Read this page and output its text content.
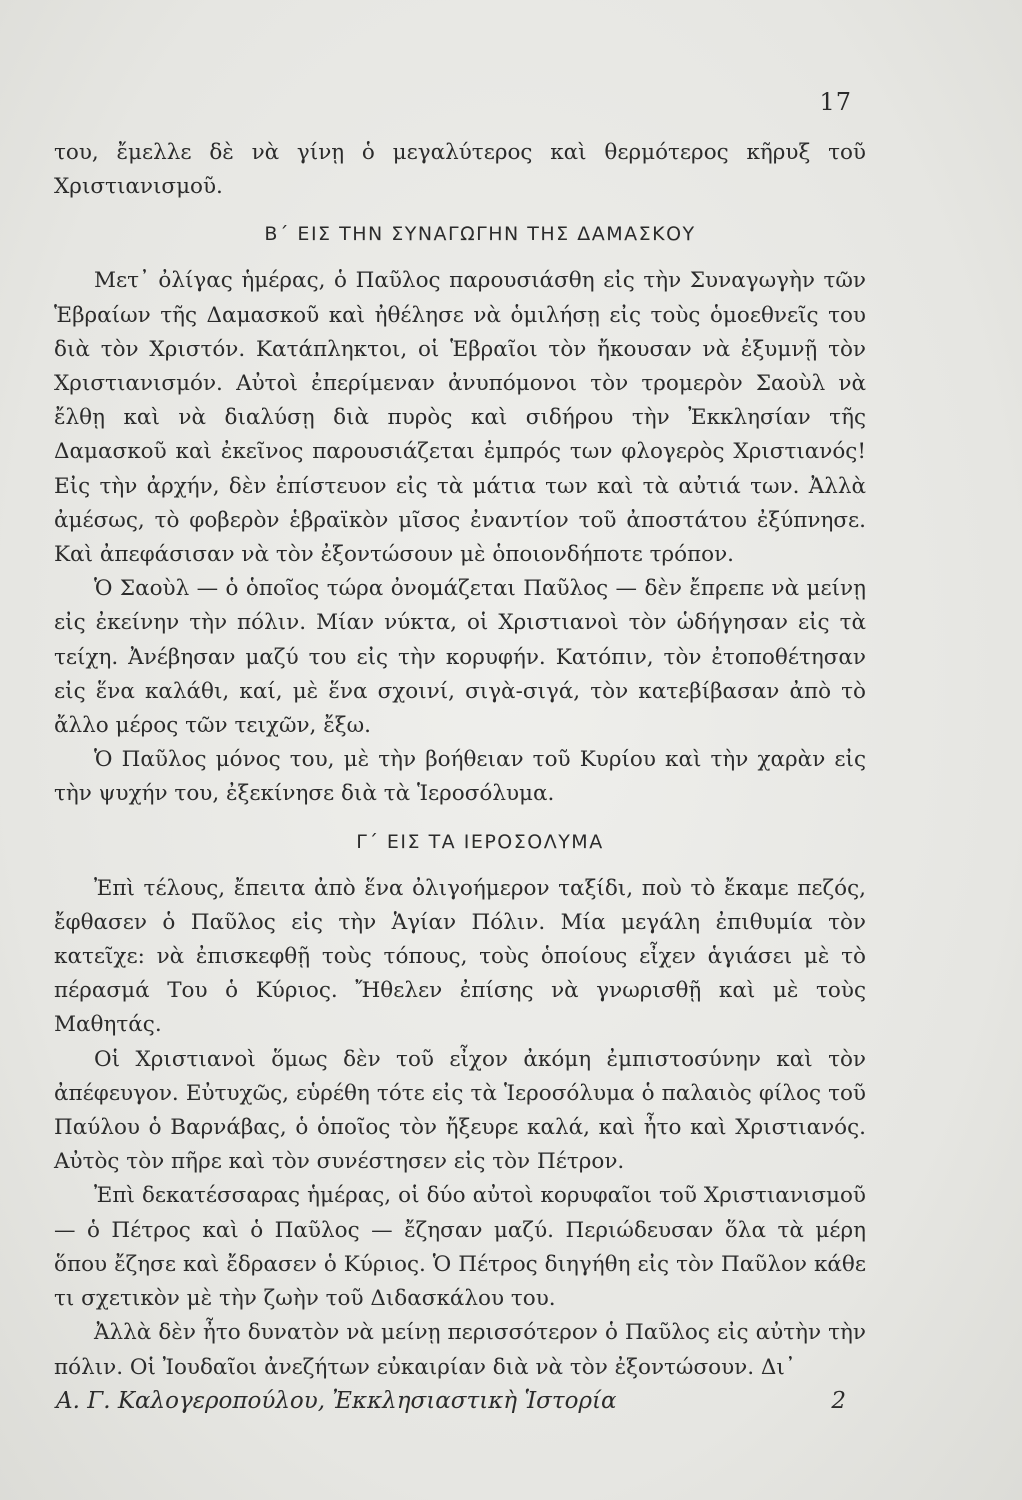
17

του, ἔμελλε δὲ νὰ γίνῃ ὁ μεγαλύτερος καὶ θερμότερος κῆρυξ τοῦ Χριστιανισμοῦ.

Β΄ ΕΙΣ ΤΗΝ ΣΥΝΑΓΩΓΗΝ ΤΗΣ ΔΑΜΑΣΚΟΥ

Μετ᾽ ὀλίγας ἡμέρας, ὁ Παῦλος παρουσιάσθη εἰς τὴν Συναγωγὴν τῶν Ἑβραίων τῆς Δαμασκοῦ καὶ ἠθέλησε νὰ ὁμιλήσῃ εἰς τοὺς ὁμοεθνεῖς του διὰ τὸν Χριστόν. Κατάπληκτοι, οἱ Ἑβραῖοι τὸν ἤκουσαν νὰ ἐξυμνῇ τὸν Χριστιανισμόν. Αὐτοὶ ἐπερίμεναν ἀνυπόμονοι τὸν τρομερὸν Σαοὺλ νὰ ἔλθῃ καὶ νὰ διαλύσῃ διὰ πυρὸς καὶ σιδήρου τὴν Ἐκκλησίαν τῆς Δαμασκοῦ καὶ ἐκεῖνος παρουσιάζεται ἐμπρός των φλογερὸς Χριστιανός! Εἰς τὴν ἀρχήν, δὲν ἐπίστευον εἰς τὰ μάτια των καὶ τὰ αὐτιά των. Ἀλλὰ ἀμέσως, τὸ φοβερὸν ἑβραϊκὸν μῖσος ἐναντίον τοῦ ἀποστάτου ἐξύπνησε. Καὶ ἀπεφάσισαν νὰ τὸν ἐξοντώσουν μὲ ὁποιονδήποτε τρόπον.

Ὁ Σαοὺλ — ὁ ὁποῖος τώρα ὀνομάζεται Παῦλος — δὲν ἔπρεπε νὰ μείνῃ εἰς ἐκείνην τὴν πόλιν. Μίαν νύκτα, οἱ Χριστιανοὶ τὸν ὡδήγησαν εἰς τὰ τείχη. Ἀνέβησαν μαζύ του εἰς τὴν κορυφήν. Κατόπιν, τὸν ἐτοποθέτησαν εἰς ἕνα καλάθι, καί, μὲ ἕνα σχοινί, σιγὰ-σιγά, τὸν κατεβίβασαν ἀπὸ τὸ ἄλλο μέρος τῶν τειχῶν, ἔξω.

Ὁ Παῦλος μόνος του, μὲ τὴν βοήθειαν τοῦ Κυρίου καὶ τὴν χαρὰν εἰς τὴν ψυχήν του, ἐξεκίνησε διὰ τὰ Ἱεροσόλυμα.

Γ΄ ΕΙΣ ΤΑ ΙΕΡΟΣΟΛΥΜΑ

Ἐπὶ τέλους, ἔπειτα ἀπὸ ἕνα ὀλιγοήμερον ταξίδι, ποὺ τὸ ἔκαμε πεζός, ἔφθασεν ὁ Παῦλος εἰς τὴν Ἁγίαν Πόλιν. Μία μεγάλη ἐπιθυμία τὸν κατεῖχε: νὰ ἐπισκεφθῇ τοὺς τόπους, τοὺς ὁποίους εἶχεν ἁγιάσει μὲ τὸ πέρασμά Του ὁ Κύριος. Ἤθελεν ἐπίσης νὰ γνωρισθῇ καὶ μὲ τοὺς Μαθητάς.

Οἱ Χριστιανοὶ ὅμως δὲν τοῦ εἶχον ἀκόμη ἐμπιστοσύνην καὶ τὸν ἀπέφευγον. Εὐτυχῶς, εὑρέθη τότε εἰς τὰ Ἱεροσόλυμα ὁ παλαιὸς φίλος τοῦ Παύλου ὁ Βαρνάβας, ὁ ὁποῖος τὸν ἤξευρε καλά, καὶ ἦτο καὶ Χριστιανός. Αὐτὸς τὸν πῆρε καὶ τὸν συνέστησεν εἰς τὸν Πέτρον.

Ἐπὶ δεκατέσσαρας ἡμέρας, οἱ δύο αὐτοὶ κορυφαῖοι τοῦ Χριστιανισμοῦ — ὁ Πέτρος καὶ ὁ Παῦλος — ἔζησαν μαζύ. Περιώδευσαν ὅλα τὰ μέρη ὅπου ἔζησε καὶ ἔδρασεν ὁ Κύριος. Ὁ Πέτρος διηγήθη εἰς τὸν Παῦλον κάθε τι σχετικὸν μὲ τὴν ζωὴν τοῦ Διδασκάλου του.

Ἀλλὰ δὲν ἦτο δυνατὸν νὰ μείνῃ περισσότερον ὁ Παῦλος εἰς αὐτὴν τὴν πόλιν. Οἱ Ἰουδαῖοι ἀνεζήτων εὐκαιρίαν διὰ νὰ τὸν ἐξοντώσουν. Δι᾽

Α. Γ. Καλογεροπούλου, Ἐκκλησιαστικὴ Ἱστορία	2
